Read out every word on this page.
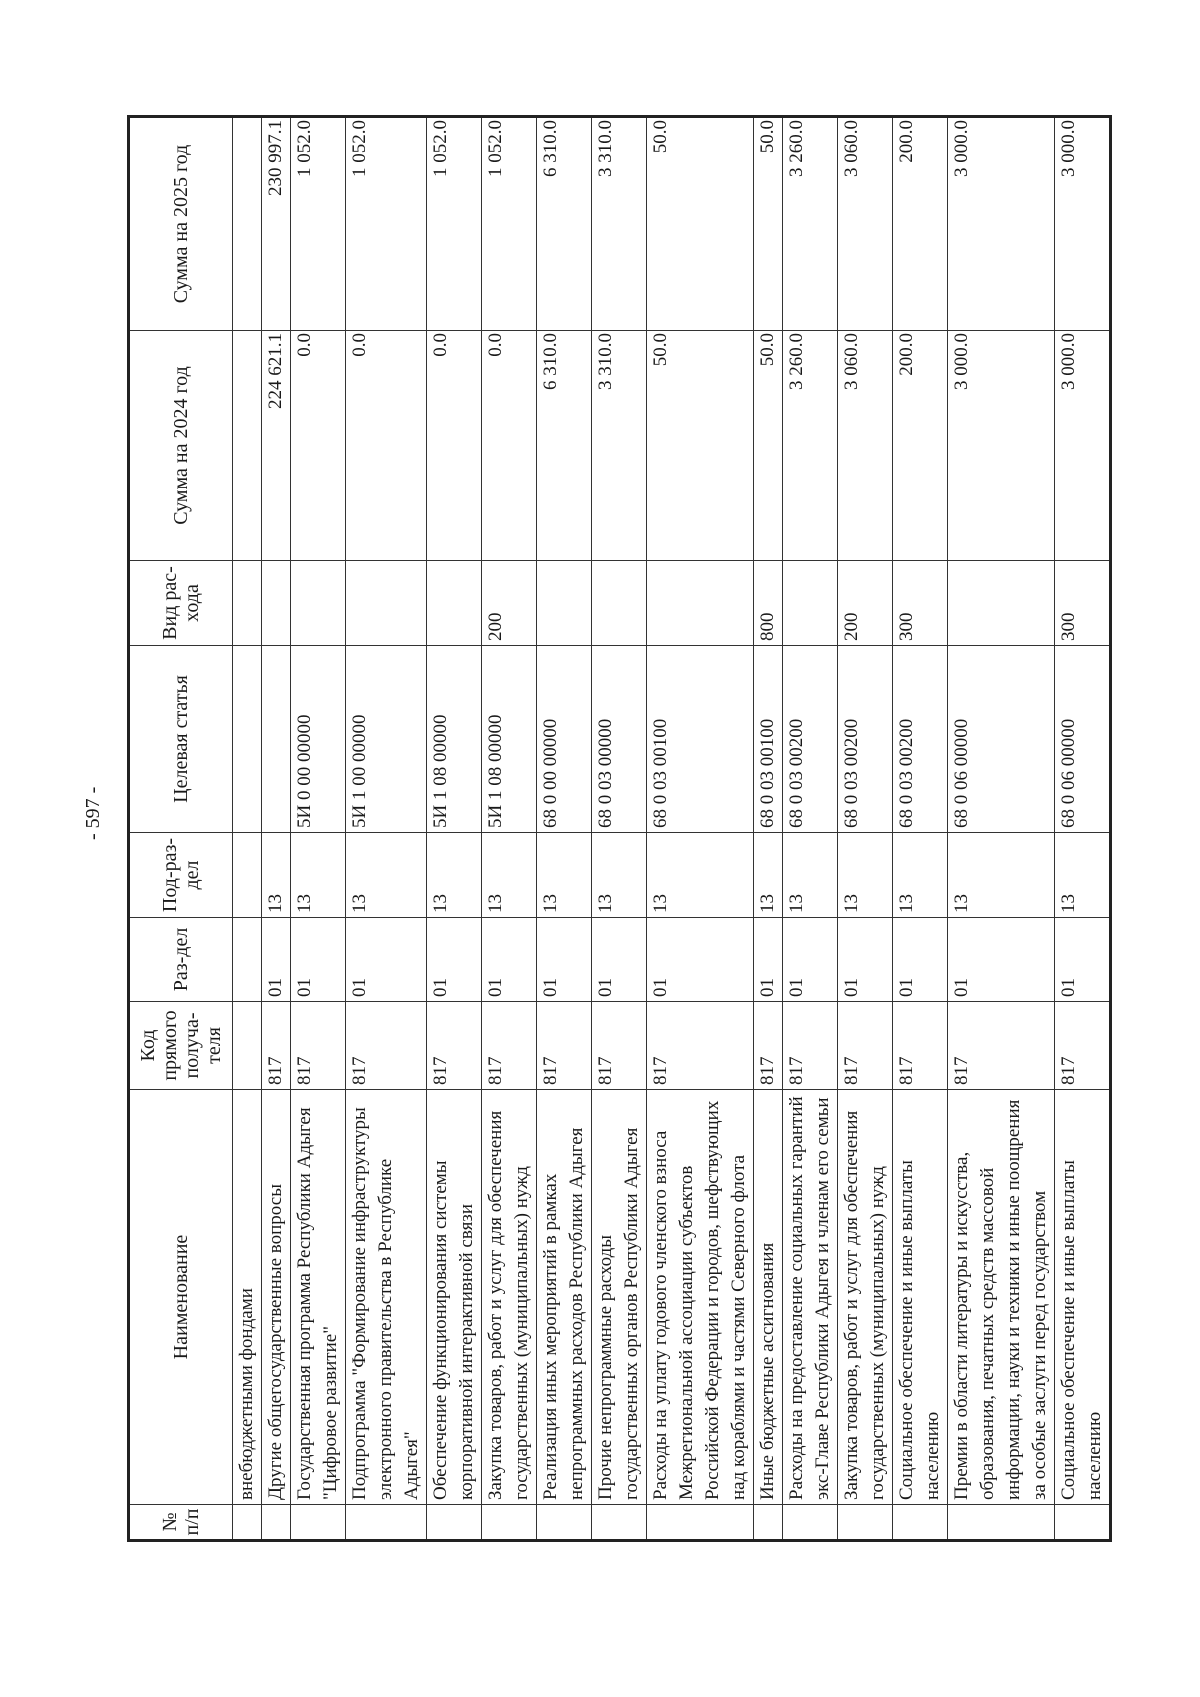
- 597 -
№ п/п	Наименование	Код прямого получа-теля	Раз-дел	Под-раз-дел	Целевая статья	Вид рас-хода	Сумма на 2024 год	Сумма на 2025 год
	внебюджетными фондами							
	Другие общегосударственные вопросы	817	01	13			224 621.1	230 997.1
	Государственная программа Республики Адыгея "Цифровое развитие"	817	01	13	5И 0 00 00000		0.0	1 052.0
	Подпрограмма "Формирование инфраструктуры электронного правительства в Республике Адыгея"	817	01	13	5И 1 00 00000		0.0	1 052.0
	Обеспечение функционирования системы корпоративной интерактивной связи	817	01	13	5И 1 08 00000		0.0	1 052.0
	Закупка товаров, работ и услуг для обеспечения государственных (муниципальных) нужд	817	01	13	5И 1 08 00000	200	0.0	1 052.0
	Реализация иных мероприятий в рамках непрограммных расходов Республики Адыгея	817	01	13	68 0 00 00000		6 310.0	6 310.0
	Прочие непрограммные расходы государственных органов Республики Адыгея	817	01	13	68 0 03 00000		3 310.0	3 310.0
	Расходы на уплату годового членского взноса Межрегиональной ассоциации субъектов Российской Федерации и городов, шефствующих над кораблями и частями Северного флота	817	01	13	68 0 03 00100		50.0	50.0
	Иные бюджетные ассигнования	817	01	13	68 0 03 00100	800	50.0	50.0
	Расходы на предоставление социальных гарантий экс-Главе Республики Адыгея и членам его семьи	817	01	13	68 0 03 00200		3 260.0	3 260.0
	Закупка товаров, работ и услуг для обеспечения государственных (муниципальных) нужд	817	01	13	68 0 03 00200	200	3 060.0	3 060.0
	Социальное обеспечение и иные выплаты населению	817	01	13	68 0 03 00200	300	200.0	200.0
	Премии в области литературы и искусства, образования, печатных средств массовой информации, науки и техники и иные поощрения за особые заслуги перед государством	817	01	13	68 0 06 00000		3 000.0	3 000.0
	Социальное обеспечение и иные выплаты населению	817	01	13	68 0 06 00000	300	3 000.0	3 000.0
